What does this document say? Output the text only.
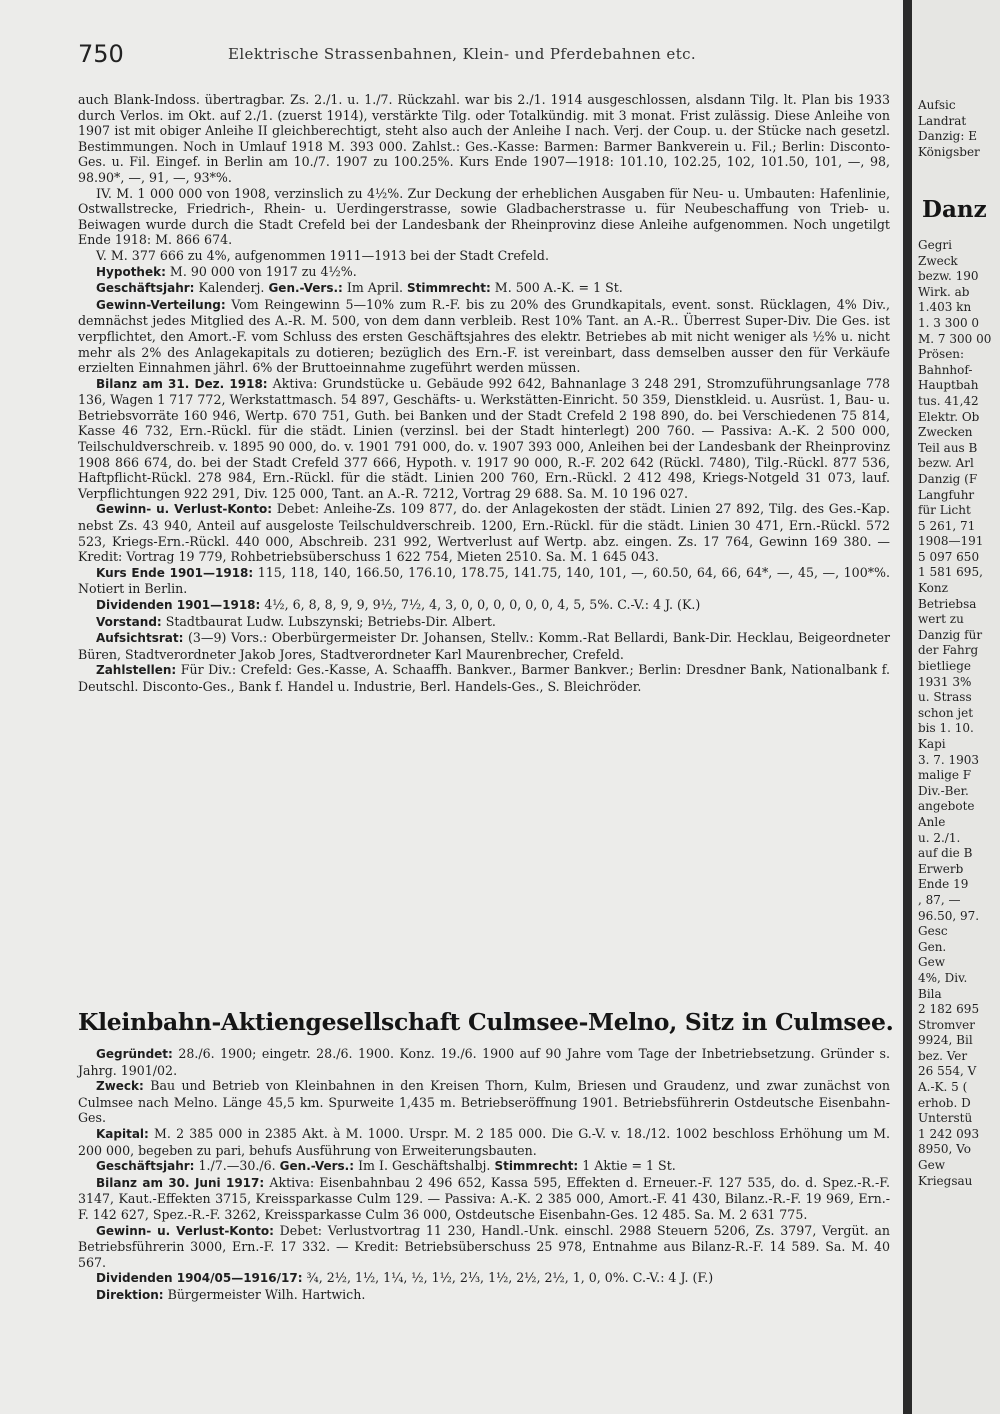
750	Elektrische Strassenbahnen, Klein- und Pferdebahnen etc.

auch Blank-Indoss. übertragbar. Zs. 2./1. u. 1./7. Rückzahl. war bis 2./1. 1914 ausgeschlossen, alsdann Tilg. lt. Plan bis 1933 durch Verlos. im Okt. auf 2./1. (zuerst 1914), verstärkte Tilg. oder Totalkündig. mit 3 monat. Frist zulässig. Diese Anleihe von 1907 ist mit obiger Anleihe II gleichberechtigt, steht also auch der Anleihe I nach. Verj. der Coup. u. der Stücke nach gesetzl. Bestimmungen. Noch in Umlauf 1918 M. 393 000. Zahlst.: Ges.-Kasse: Barmen: Barmer Bankverein u. Fil.; Berlin: Disconto-Ges. u. Fil. Eingef. in Berlin am 10./7. 1907 zu 100.25%. Kurs Ende 1907—1918: 101.10, 102.25, 102, 101.50, 101, —, 98, 98.90*, —, 91, —, 93*%.

IV. M. 1 000 000 von 1908, verzinslich zu 4½%. Zur Deckung der erheblichen Ausgaben für Neu- u. Umbauten: Hafenlinie, Ostwallstrecke, Friedrich-, Rhein- u. Uerdingerstrasse, sowie Gladbacherstrasse u. für Neubeschaffung von Trieb- u. Beiwagen wurde durch die Stadt Crefeld bei der Landesbank der Rheinprovinz diese Anleihe aufgenommen. Noch ungetilgt Ende 1918: M. 866 674.

V. M. 377 666 zu 4%, aufgenommen 1911—1913 bei der Stadt Crefeld.

Hypothek: M. 90 000 von 1917 zu 4½%.

Geschäftsjahr: Kalenderj. Gen.-Vers.: Im April. Stimmrecht: M. 500 A.-K. = 1 St.

Gewinn-Verteilung: Vom Reingewinn 5—10% zum R.-F. bis zu 20% des Grundkapitals, event. sonst. Rücklagen, 4% Div., demnächst jedes Mitglied des A.-R. M. 500, von dem dann verbleib. Rest 10% Tant. an A.-R.. Überrest Super-Div. Die Ges. ist verpflichtet, den Amort.-F. vom Schluss des ersten Geschäftsjahres des elektr. Betriebes ab mit nicht weniger als ½% u. nicht mehr als 2% des Anlagekapitals zu dotieren; bezüglich des Ern.-F. ist vereinbart, dass demselben ausser den für Verkäufe erzielten Einnahmen jährl. 6% der Bruttoeinnahme zugeführt werden müssen.

Bilanz am 31. Dez. 1918: Aktiva: Grundstücke u. Gebäude 992 642, Bahnanlage 3 248 291, Stromzuführungsanlage 778 136, Wagen 1 717 772, Werkstattmasch. 54 897, Geschäfts- u. Werkstätten-Einricht. 50 359, Dienstkleid. u. Ausrüst. 1, Bau- u. Betriebsvorräte 160 946, Wertp. 670 751, Guth. bei Banken und der Stadt Crefeld 2 198 890, do. bei Verschiedenen 75 814, Kasse 46 732, Ern.-Rückl. für die städt. Linien (verzinsl. bei der Stadt hinterlegt) 200 760. — Passiva: A.-K. 2 500 000, Teilschuldverschreib. v. 1895 90 000, do. v. 1901 791 000, do. v. 1907 393 000, Anleihen bei der Landesbank der Rheinprovinz 1908 866 674, do. bei der Stadt Crefeld 377 666, Hypoth. v. 1917 90 000, R.-F. 202 642 (Rückl. 7480), Tilg.-Rückl. 877 536, Haftpflicht-Rückl. 278 984, Ern.-Rückl. für die städt. Linien 200 760, Ern.-Rückl. 2 412 498, Kriegs-Notgeld 31 073, lauf. Verpflichtungen 922 291, Div. 125 000, Tant. an A.-R. 7212, Vortrag 29 688. Sa. M. 10 196 027.

Gewinn- u. Verlust-Konto: Debet: Anleihe-Zs. 109 877, do. der Anlagekosten der städt. Linien 27 892, Tilg. des Ges.-Kap. nebst Zs. 43 940, Anteil auf ausgeloste Teilschuldverschreib. 1200, Ern.-Rückl. für die städt. Linien 30 471, Ern.-Rückl. 572 523, Kriegs-Ern.-Rückl. 440 000, Abschreib. 231 992, Wertverlust auf Wertp. abz. eingen. Zs. 17 764, Gewinn 169 380. — Kredit: Vortrag 19 779, Rohbetriebsüberschuss 1 622 754, Mieten 2510. Sa. M. 1 645 043.

Kurs Ende 1901—1918: 115, 118, 140, 166.50, 176.10, 178.75, 141.75, 140, 101, —, 60.50, 64, 66, 64*, —, 45, —, 100*%. Notiert in Berlin.

Dividenden 1901—1918: 4½, 6, 8, 8, 9, 9, 9½, 7½, 4, 3, 0, 0, 0, 0, 0, 0, 4, 5, 5%. C.-V.: 4 J. (K.)

Vorstand: Stadtbaurat Ludw. Lubszynski; Betriebs-Dir. Albert.

Aufsichtsrat: (3—9) Vors.: Oberbürgermeister Dr. Johansen, Stellv.: Komm.-Rat Bellardi, Bank-Dir. Hecklau, Beigeordneter Büren, Stadtverordneter Jakob Jores, Stadtverordneter Karl Maurenbrecher, Crefeld.

Zahlstellen: Für Div.: Crefeld: Ges.-Kasse, A. Schaaffh. Bankver., Barmer Bankver.; Berlin: Dresdner Bank, Nationalbank f. Deutschl. Disconto-Ges., Bank f. Handel u. Industrie, Berl. Handels-Ges., S. Bleichröder.

Kleinbahn-Aktiengesellschaft Culmsee-Melno, Sitz in Culmsee.

Gegründet: 28./6. 1900; eingetr. 28./6. 1900. Konz. 19./6. 1900 auf 90 Jahre vom Tage der Inbetriebsetzung. Gründer s. Jahrg. 1901/02.

Zweck: Bau und Betrieb von Kleinbahnen in den Kreisen Thorn, Kulm, Briesen und Graudenz, und zwar zunächst von Culmsee nach Melno. Länge 45,5 km. Spurweite 1,435 m. Betriebseröffnung 1901. Betriebsführerin Ostdeutsche Eisenbahn-Ges.

Kapital: M. 2 385 000 in 2385 Akt. à M. 1000. Urspr. M. 2 185 000. Die G.-V. v. 18./12. 1002 beschloss Erhöhung um M. 200 000, begeben zu pari, behufs Ausführung von Erweiterungsbauten.

Geschäftsjahr: 1./7.—30./6. Gen.-Vers.: Im I. Geschäftshalbj. Stimmrecht: 1 Aktie = 1 St.

Bilanz am 30. Juni 1917: Aktiva: Eisenbahnbau 2 496 652, Kassa 595, Effekten d. Erneuer.-F. 127 535, do. d. Spez.-R.-F. 3147, Kaut.-Effekten 3715, Kreissparkasse Culm 129. — Passiva: A.-K. 2 385 000, Amort.-F. 41 430, Bilanz.-R.-F. 19 969, Ern.-F. 142 627, Spez.-R.-F. 3262, Kreissparkasse Culm 36 000, Ostdeutsche Eisenbahn-Ges. 12 485. Sa. M. 2 631 775.

Gewinn- u. Verlust-Konto: Debet: Verlustvortrag 11 230, Handl.-Unk. einschl. 2988 Steuern 5206, Zs. 3797, Vergüt. an Betriebsführerin 3000, Ern.-F. 17 332. — Kredit: Betriebsüberschuss 25 978, Entnahme aus Bilanz-R.-F. 14 589. Sa. M. 40 567.

Dividenden 1904/05—1916/17: ¾, 2½, 1½, 1¼, ½, 1½, 2⅓, 1½, 2½, 2½, 1, 0, 0%. C.-V.: 4 J. (F.)

Direktion: Bürgermeister Wilh. Hartwich.

Aufsic
Landrat
Danzig: E
Königsber
Danz
Gegri
Zweck
bezw. 190
Wirk. ab
1.403 kn
1. 3 300 0
M. 7 300 00
Prösen:
Bahnhof-
Hauptbah
tus. 41,42
Elektr. Ob
Zwecken
Teil aus B
bezw. Arl
Danzig (F
Langfuhr
für Licht
5 261, 71
1908—191
5 097 650
1 581 695,
Konz
Betriebsa
wert zu
Danzig für
der Fahrg
bietliege
1931 3%
u. Strass
schon jet
bis 1. 10.
Kapi
3. 7. 1903
malige F
Div.-Ber.
angebote
Anle
u. 2./1.
auf die B
Erwerb
Ende 19
, 87, —
96.50, 97.
Gesc
Gen.
Gew
4%, Div.
Bila
2 182 695
Stromver
9924, Bil
bez. Ver
26 554, V
A.-K. 5 (
erhob. D
Unterstü
1 242 093
8950, Vo
Gew
Kriegsau
